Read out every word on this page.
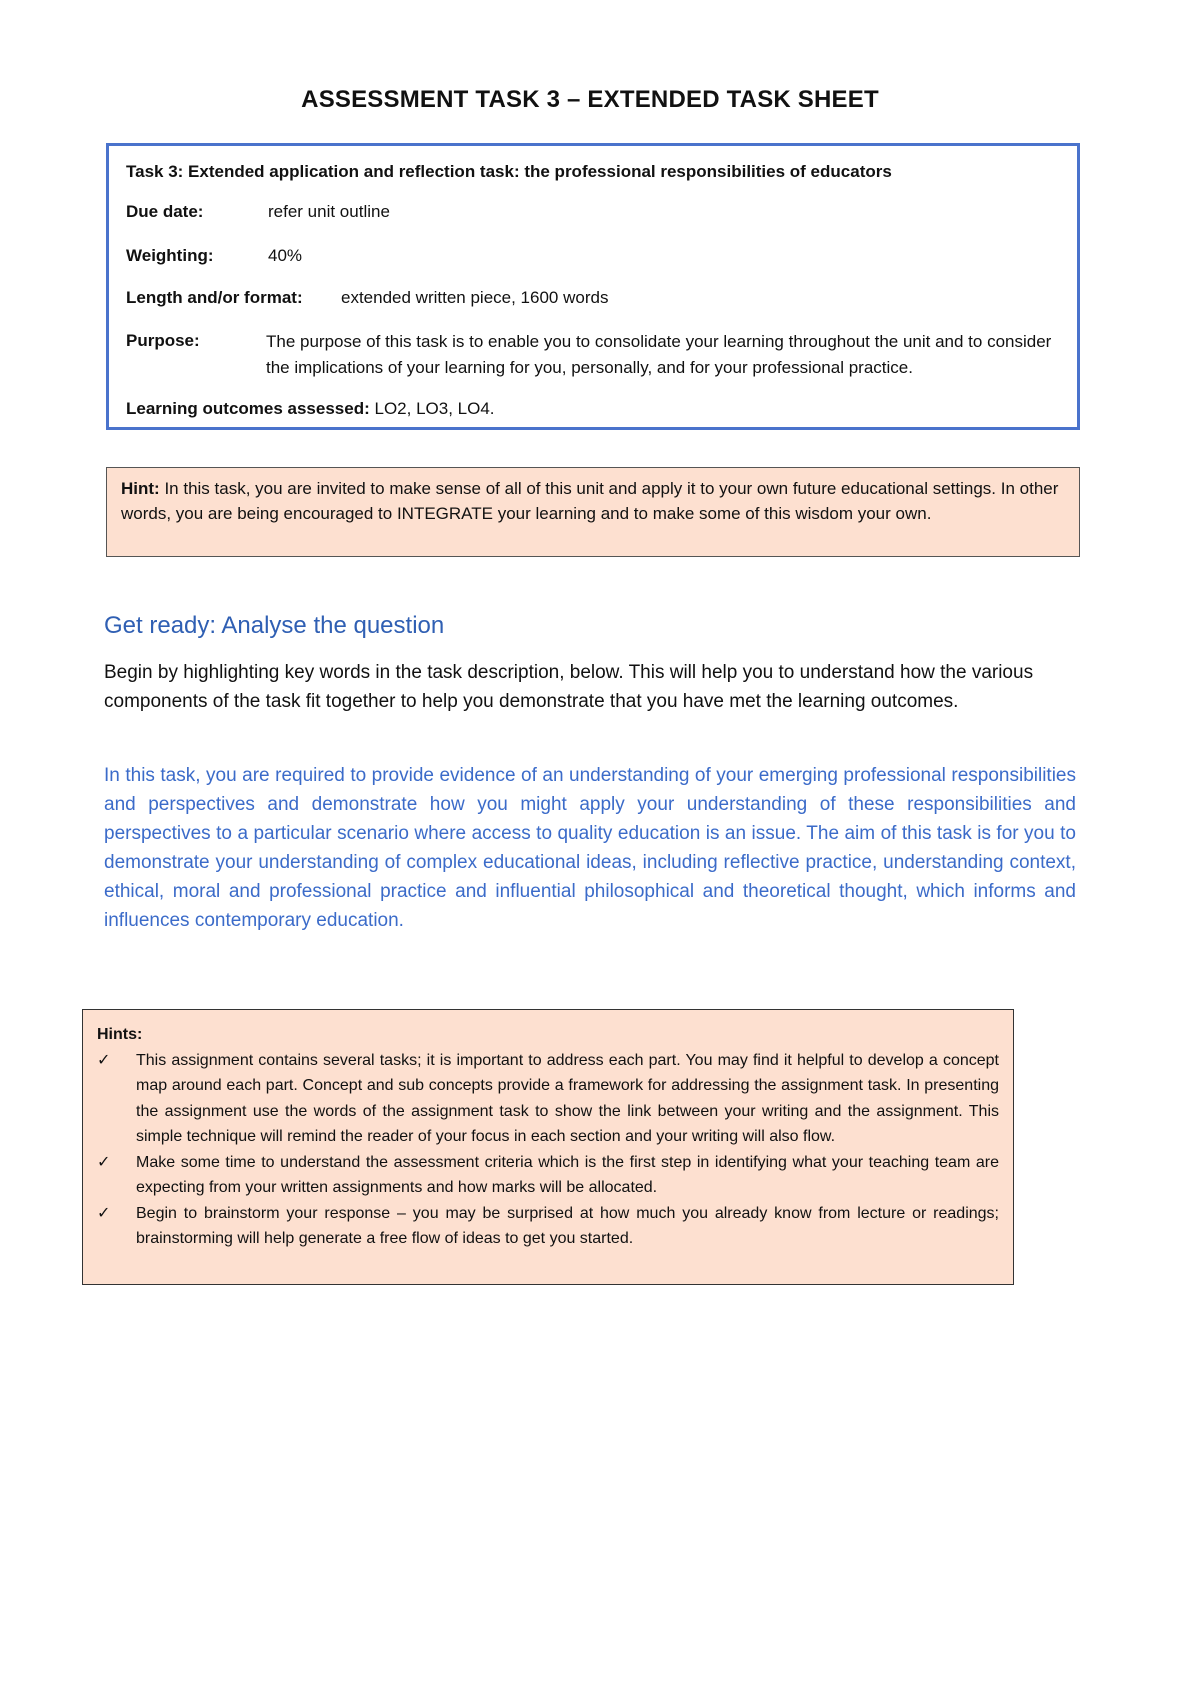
ASSESSMENT TASK 3 – EXTENDED TASK SHEET
Task 3: Extended application and reflection task: the professional responsibilities of educators
Due date:	refer unit outline
Weighting:	40%
Length and/or format: extended written piece, 1600 words
Purpose:	The purpose of this task is to enable you to consolidate your learning throughout the unit and to consider the implications of your learning for you, personally, and for your professional practice.
Learning outcomes assessed: LO2, LO3, LO4.
Hint: In this task, you are invited to make sense of all of this unit and apply it to your own future educational settings. In other words, you are being encouraged to INTEGRATE your learning and to make some of this wisdom your own.
Get ready: Analyse the question
Begin by highlighting key words in the task description, below. This will help you to understand how the various components of the task fit together to help you demonstrate that you have met the learning outcomes.
In this task, you are required to provide evidence of an understanding of your emerging professional responsibilities and perspectives and demonstrate how you might apply your understanding of these responsibilities and perspectives to a particular scenario where access to quality education is an issue. The aim of this task is for you to demonstrate your understanding of complex educational ideas, including reflective practice, understanding context, ethical, moral and professional practice and influential philosophical and theoretical thought, which informs and influences contemporary education.
Hints:
✓	This assignment contains several tasks; it is important to address each part. You may find it helpful to develop a concept map around each part. Concept and sub concepts provide a framework for addressing the assignment task. In presenting the assignment use the words of the assignment task to show the link between your writing and the assignment. This simple technique will remind the reader of your focus in each section and your writing will also flow.
✓	Make some time to understand the assessment criteria which is the first step in identifying what your teaching team are expecting from your written assignments and how marks will be allocated.
✓	Begin to brainstorm your response – you may be surprised at how much you already know from lecture or readings; brainstorming will help generate a free flow of ideas to get you started.
